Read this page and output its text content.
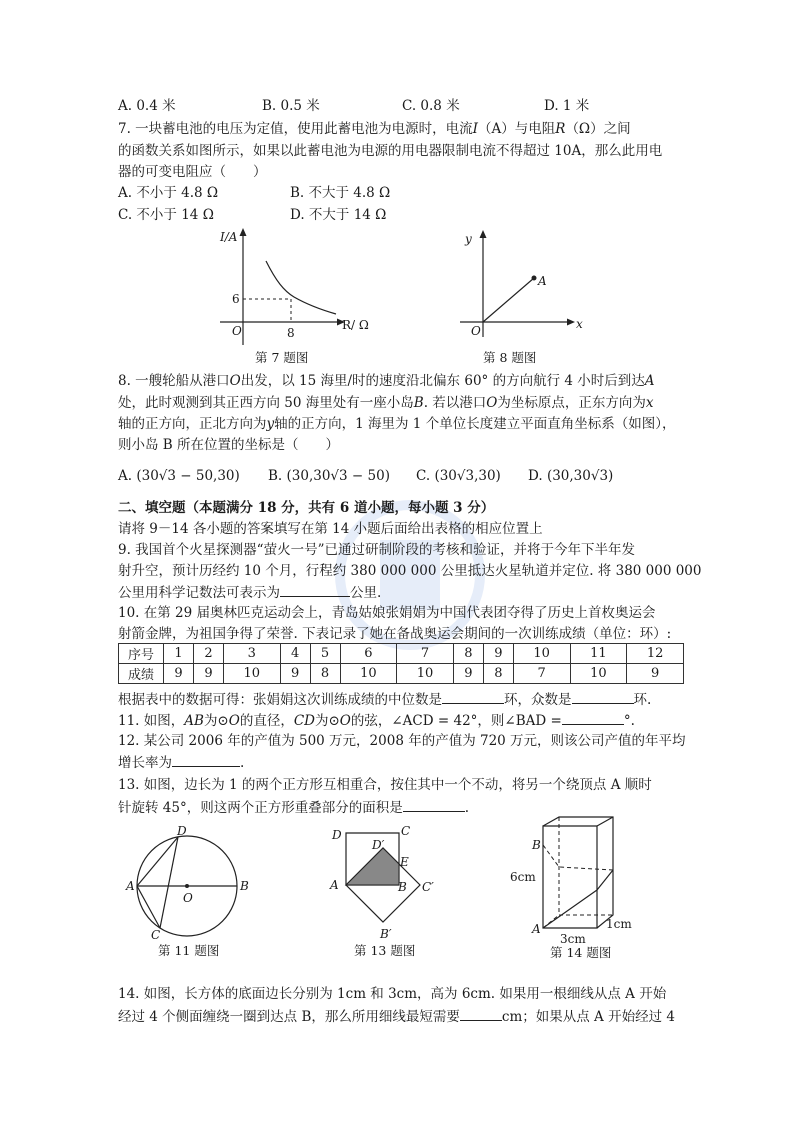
A. 0.4 米	B. 0.5 米	C. 0.8 米	D. 1 米
7. 一块蓄电池的电压为定值，使用此蓄电池为电源时，电流I（A）与电阻R（Ω）之间
的函数关系如图所示，如果以此蓄电池为电源的用电器限制电流不得超过 10A，那么此用电
器的可变电阻应（　　）
A. 不小于 4.8 Ω	B. 不大于 4.8 Ω
C. 不小于 14 Ω	D. 不大于 14 Ω
I/A
R/ Ω
O
6
8
第 7 题图
y
x
O
A
第 8 题图
8. 一艘轮船从港口O出发，以 15 海里/时的速度沿北偏东 60° 的方向航行 4 小时后到达A
处，此时观测到其正西方向 50 海里处有一座小岛B. 若以港口O为坐标原点，正东方向为x
轴的正方向，正北方向为y轴的正方向，1 海里为 1 个单位长度建立平面直角坐标系（如图），
则小岛 B 所在位置的坐标是（　　）
A. (30√3 − 50,30) B. (30,30√3 − 50) C. (30√3,30) D. (30,30√3)
二、填空题（本题满分 18 分，共有 6 道小题，每小题 3 分）
请将 9－14 各小题的答案填写在第 14 小题后面给出表格的相应位置上
9. 我国首个火星探测器“萤火一号”已通过研制阶段的考核和验证，并将于今年下半年发
射升空，预计历经约 10 个月，行程约 380 000 000 公里抵达火星轨道并定位. 将 380 000 000
公里用科学记数法可表示为	公里.
10. 在第 29 届奥林匹克运动会上，青岛姑娘张娟娟为中国代表团夺得了历史上首枚奥运会
射箭金牌，为祖国争得了荣誉. 下表记录了她在备战奥运会期间的一次训练成绩（单位：环）:
序号	1	2	3	4	5	6	7	8	9	10	11	12
成绩	9	9	10	9	8	10	10	9	8	7	10	9
根据表中的数据可得：张娟娟这次训练成绩的中位数是	环，众数是	环.
11. 如图，AB为⊙O的直径，CD为⊙O的弦，∠ACD = 42°，则∠BAD =	°.
12. 某公司 2006 年的产值为 500 万元，2008 年的产值为 720 万元，则该公司产值的年平均
增长率为	.
13. 如图，边长为 1 的两个正方形互相重合，按住其中一个不动，将另一个绕顶点 A 顺时
针旋转 45°，则这两个正方形重叠部分的面积是	.
A	B
C
D
O
第 11 题图
A	B
C
D
D′
E
C′
B′
第 13 题图
A
B
6cm
3cm
1cm
第 14 题图
14. 如图，长方体的底面边长分别为 1cm 和 3cm，高为 6cm. 如果用一根细线从点 A 开始
经过 4 个侧面缠绕一圈到达点 B，那么所用细线最短需要	cm；如果从点 A 开始经过 4
